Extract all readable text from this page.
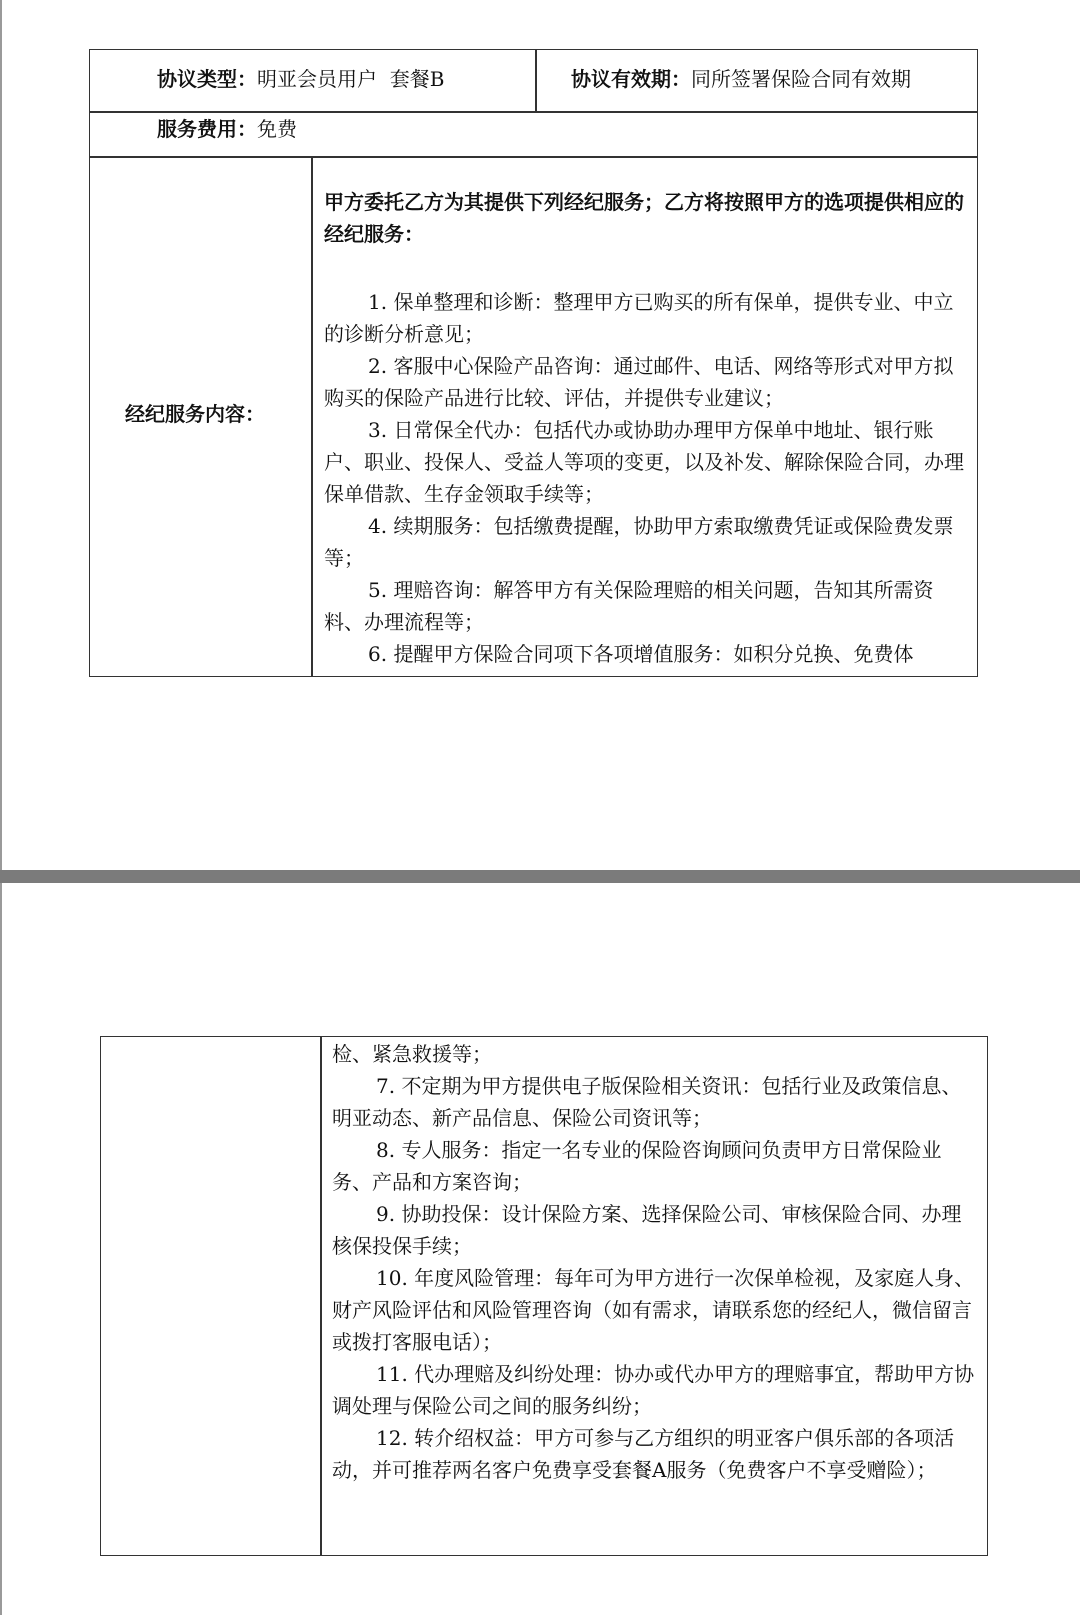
协议类型：明亚会员用户  套餐B	协议有效期：同所签署保险合同有效期
服务费用：免费
经纪服务内容：
甲方委托乙方为其提供下列经纪服务；乙方将按照甲方的选项提供相应的经纪服务：
1. 保单整理和诊断：整理甲方已购买的所有保单，提供专业、中立的诊断分析意见；
2. 客服中心保险产品咨询：通过邮件、电话、网络等形式对甲方拟购买的保险产品进行比较、评估，并提供专业建议；
3. 日常保全代办：包括代办或协助办理甲方保单中地址、银行账户、职业、投保人、受益人等项的变更，以及补发、解除保险合同，办理保单借款、生存金领取手续等；
4. 续期服务：包括缴费提醒，协助甲方索取缴费凭证或保险费发票等；
5. 理赔咨询：解答甲方有关保险理赔的相关问题，告知其所需资料、办理流程等；
6. 提醒甲方保险合同项下各项增值服务：如积分兑换、免费体
检、紧急救援等；
7. 不定期为甲方提供电子版保险相关资讯：包括行业及政策信息、明亚动态、新产品信息、保险公司资讯等；
8. 专人服务：指定一名专业的保险咨询顾问负责甲方日常保险业务、产品和方案咨询；
9. 协助投保：设计保险方案、选择保险公司、审核保险合同、办理核保投保手续；
10. 年度风险管理：每年可为甲方进行一次保单检视，及家庭人身、财产风险评估和风险管理咨询（如有需求，请联系您的经纪人，微信留言或拨打客服电话）；
11. 代办理赔及纠纷处理：协办或代办甲方的理赔事宜，帮助甲方协调处理与保险公司之间的服务纠纷；
12. 转介绍权益：甲方可参与乙方组织的明亚客户俱乐部的各项活动，并可推荐两名客户免费享受套餐A服务（免费客户不享受赠险）；
